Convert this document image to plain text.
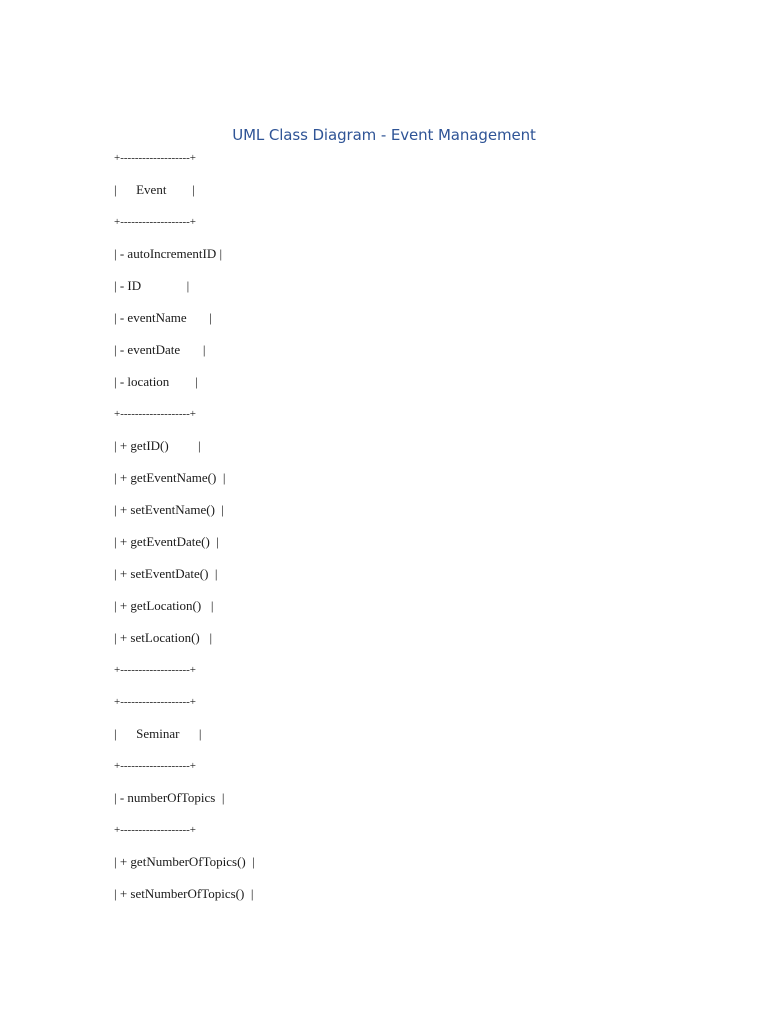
UML Class Diagram - Event Management
+-------------------+
|      Event        |
+-------------------+
| - autoIncrementID |
| - ID              |
| - eventName       |
| - eventDate       |
| - location        |
+-------------------+
| + getID()         |
| + getEventName()  |
| + setEventName()  |
| + getEventDate()  |
| + setEventDate()  |
| + getLocation()   |
| + setLocation()   |
+-------------------+
+-------------------+
|      Seminar      |
+-------------------+
| - numberOfTopics  |
+-------------------+
| + getNumberOfTopics()  |
| + setNumberOfTopics()  |
